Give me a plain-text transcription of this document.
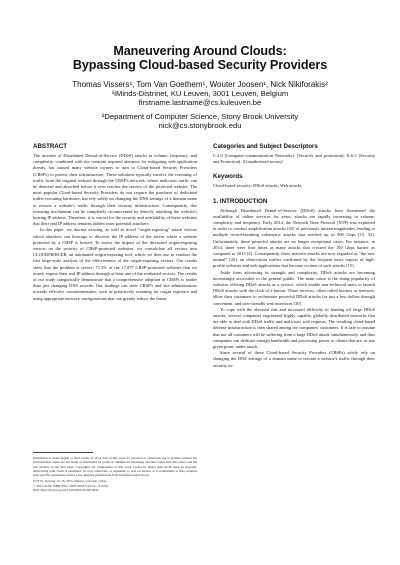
Maneuvering Around Clouds:
Bypassing Cloud-based Security Providers
Thomas Vissers¹, Tom Van Goethem¹, Wouter Joosen¹, Nick Nikiforakis²
¹iMinds-Distrinet, KU Leuven, 3001 Leuven, Belgium
firstname.lastname@cs.kuleuven.be
²Department of Computer Science, Stony Brook University
nick@cs.stonybrook.edu
ABSTRACT

The increase of Distributed Denial-of-Service (DDoS) attacks in volume, frequency, and complexity, combined with the constant required alertness for mitigating web application threats, has caused many website owners to turn to Cloud-based Security Providers (CBSPs) to protect their infrastructure. These solutions typically involve the rerouting of traffic from the original website through the CBSP's network, where malicious traffic can be detected and absorbed before it ever reaches the servers of the protected website. The most popular Cloud-based Security Providers do not require the purchase of dedicated traffic-rerouting hardware, but rely solely on changing the DNS settings of a domain name to reroute a website's traffic through their security infrastructure. Consequently, this rerouting mechanism can be completely circumvented by directly attacking the website's hosting IP address. Therefore, it is crucial for the security and availability of these websites that their real IP address remains hidden from potential attackers.

In this paper, we discuss existing, as well as novel "origin-exposing" attack vectors which attackers can leverage to discover the IP address of the server where a website protected by a CBSP is hosted. To assess the impact of the discussed origin-exposing vectors on the security of CBSP-protected websites, we consolidate all vectors into CLOUDPIERCER, an automated origin-exposing tool, which we then use to conduct the first large-scale analysis of the effectiveness of the origin-exposing vectors. Our results show that the problem is severe: 71.5% of the 17,877 CBSP-protected websites that we tested, expose their real IP address through at least one of the evaluated vectors. The results of our study categorically demonstrate that a comprehensive adoption of CBSPs is harder than just changing DNS records. Our findings can steer CBSP's and site administrators towards effective countermeasures, such as proactively scanning for origin exposure and using appropriate network configurations that can greatly reduce the threat.

Permission to make digital or hard copies of all or part of this work for personal or classroom use is granted without fee provided that copies are not made or distributed for profit or commercial advantage and that copies bear this notice and the full citation on the first page. Copyrights for components of this work owned by others than ACM must be honored. Abstracting with credit is permitted. To copy otherwise, or republish, to post on servers or to redistribute to lists, requires prior specific permission and/or a fee. Request permissions from Permissions@acm.org.

CCS'15, October 12–16, 2015, Denver, Colorado, USA.

© 2015 ACM. ISBN 978-1-4503-3832-5/15/10 ...$15.00.

DOI: http://dx.doi.org/10.1145/2810103.2813633.

Categories and Subject Descriptors

C.2.0 [Computer-communication Networks]: [Security and protection]; K.6.5 [Security and Protection]: [Unauthorized access]

Keywords

Cloud-based security; DDoS attacks; Web attacks

1. INTRODUCTION

Although Distributed Denial-of-Service (DDoS) attacks have threatened the availability of online services for years, attacks are rapidly increasing in volume, complexity and frequency. Early 2014, the Network Time Protocol (NTP) was exploited in order to conduct amplification attacks [45] of previously unseen magnitudes, leading to multiple record-breaking volumetric attacks that reached up to 500 Gbps [15, 52]. Unfortunately, these powerful attacks are no longer exceptional cases. For instance, in 2014, there were four times as many attacks that crossed the 100 Gbps barrier as compared to 2013 [4]. Consequently, these massive attacks are now regarded as "the new normal" [20], an observation further confirmed by the frequent news reports of high-profile websites and web applications that become victims of such attacks [15].

Aside from advancing in strength and complexity, DDoS attacks are becoming increasingly accessible to the general public. The main cause is the rising popularity of websites offering DDoS attacks as a service, which enable non-technical users to launch DDoS attacks with the click of a button. These services, often called booters or stressers, allow their customers to orchestrate powerful DDoS attacks for just a few dollars through convenient, and user-friendly web interfaces [30].

To cope with the elevated risk and increased difficulty in fending off large DDoS attacks, several companies engineered highly capable, globally distributed networks that are able to deal with DDoS traffic and malicious web requests. The resulting cloud-based defense infrastructure is then shared among the companies' customers. It is safe to assume that not all customers will be suffering from a large DDoS attack simultaneously, and thus companies can dedicate enough bandwidth and processing power to clients that are, at any given point, under attack.

Since several of these Cloud-based Security Providers (CBSPs) solely rely on changing the DNS settings of a domain name to reroute a website's traffic through their security in-
